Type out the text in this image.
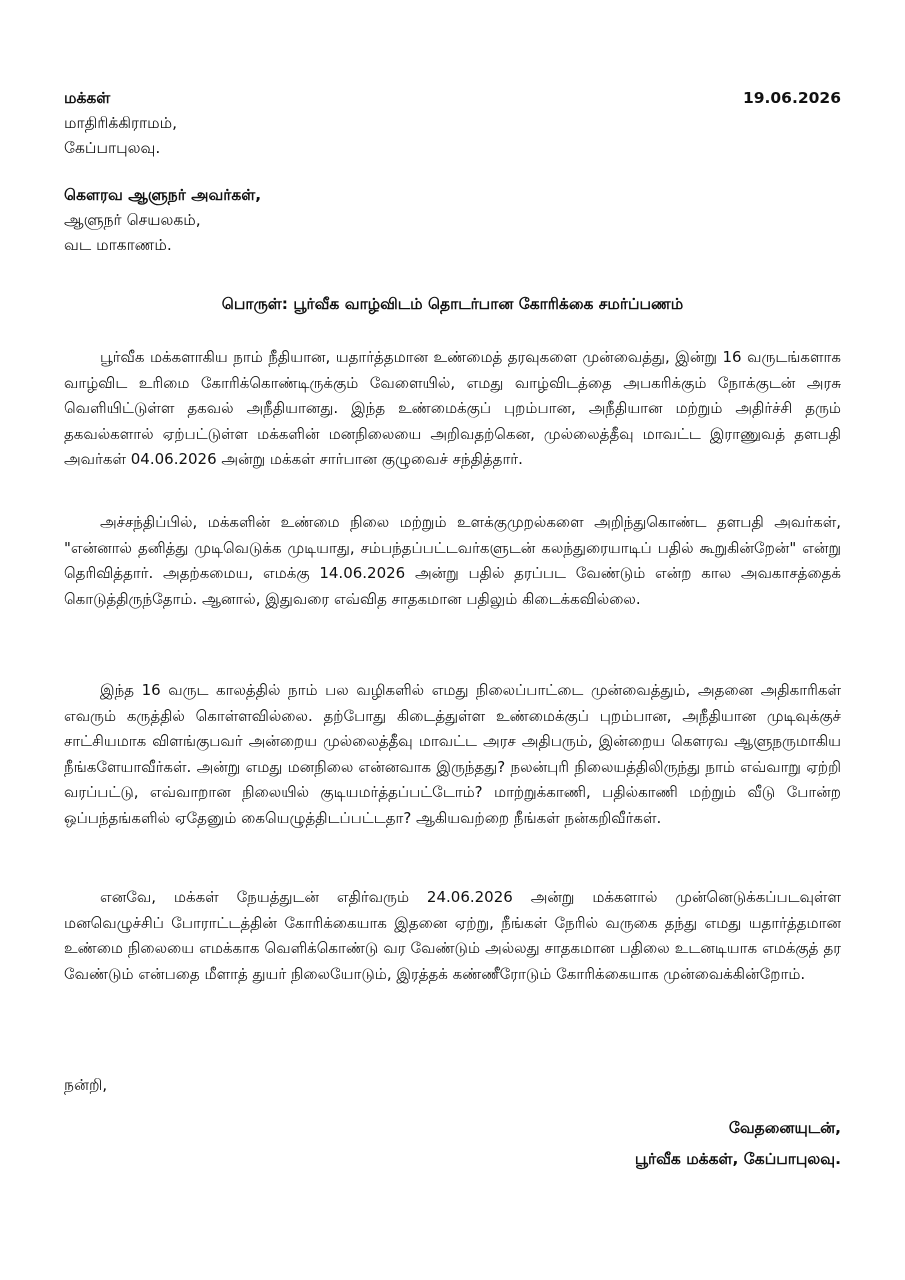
மக்கள்	19.06.2026
மாதிரிக்கிராமம்,
கேப்பாபுலவு.
கௌரவ ஆளுநர் அவர்கள்,
ஆளுநர் செயலகம்,
வட மாகாணம்.
பொருள்: பூர்வீக வாழ்விடம் தொடர்பான கோரிக்கை சமர்ப்பணம்

பூர்வீக மக்களாகிய நாம் நீதியான, யதார்த்தமான உண்மைத் தரவுகளை முன்வைத்து, இன்று 16 வருடங்களாக வாழ்விட உரிமை கோரிக்கொண்டிருக்கும் வேளையில், எமது வாழ்விடத்தை அபகரிக்கும் நோக்குடன் அரசு வெளியிட்டுள்ள தகவல் அநீதியானது. இந்த உண்மைக்குப் புறம்பான, அநீதியான மற்றும் அதிர்ச்சி தரும் தகவல்களால் ஏற்பட்டுள்ள மக்களின் மனநிலையை அறிவதற்கென, முல்லைத்தீவு மாவட்ட இராணுவத் தளபதி அவர்கள் 04.06.2026 அன்று மக்கள் சார்பான குழுவைச் சந்தித்தார்.

அச்சந்திப்பில், மக்களின் உண்மை நிலை மற்றும் உளக்குமுறல்களை அறிந்துகொண்ட தளபதி அவர்கள், "என்னால் தனித்து முடிவெடுக்க முடியாது, சம்பந்தப்பட்டவர்களுடன் கலந்துரையாடிப் பதில் கூறுகின்றேன்" என்று தெரிவித்தார். அதற்கமைய, எமக்கு 14.06.2026 அன்று பதில் தரப்பட வேண்டும் என்ற கால அவகாசத்தைக் கொடுத்திருந்தோம். ஆனால், இதுவரை எவ்வித சாதகமான பதிலும் கிடைக்கவில்லை.

இந்த 16 வருட காலத்தில் நாம் பல வழிகளில் எமது நிலைப்பாட்டை முன்வைத்தும், அதனை அதிகாரிகள் எவரும் கருத்தில் கொள்ளவில்லை. தற்போது கிடைத்துள்ள உண்மைக்குப் புறம்பான, அநீதியான முடிவுக்குச் சாட்சியமாக விளங்குபவர் அன்றைய முல்லைத்தீவு மாவட்ட அரச அதிபரும், இன்றைய கௌரவ ஆளுநருமாகிய நீங்களேயாவீர்கள். அன்று எமது மனநிலை என்னவாக இருந்தது? நலன்புரி நிலையத்திலிருந்து நாம் எவ்வாறு ஏற்றி வரப்பட்டு, எவ்வாறான நிலையில் குடியமர்த்தப்பட்டோம்? மாற்றுக்காணி, பதில்காணி மற்றும் வீடு போன்ற ஒப்பந்தங்களில் ஏதேனும் கையெழுத்திடப்பட்டதா? ஆகியவற்றை நீங்கள் நன்கறிவீர்கள்.

எனவே, மக்கள் நேயத்துடன் எதிர்வரும் 24.06.2026 அன்று மக்களால் முன்னெடுக்கப்படவுள்ள மனவெழுச்சிப் போராட்டத்தின் கோரிக்கையாக இதனை ஏற்று, நீங்கள் நேரில் வருகை தந்து எமது யதார்த்தமான உண்மை நிலையை எமக்காக வெளிக்கொண்டு வர வேண்டும் அல்லது சாதகமான பதிலை உடனடியாக எமக்குத் தர வேண்டும் என்பதை மீளாத் துயர் நிலையோடும், இரத்தக் கண்ணீரோடும் கோரிக்கையாக முன்வைக்கின்றோம்.

நன்றி,
வேதனையுடன்,
பூர்வீக மக்கள், கேப்பாபுலவு.
